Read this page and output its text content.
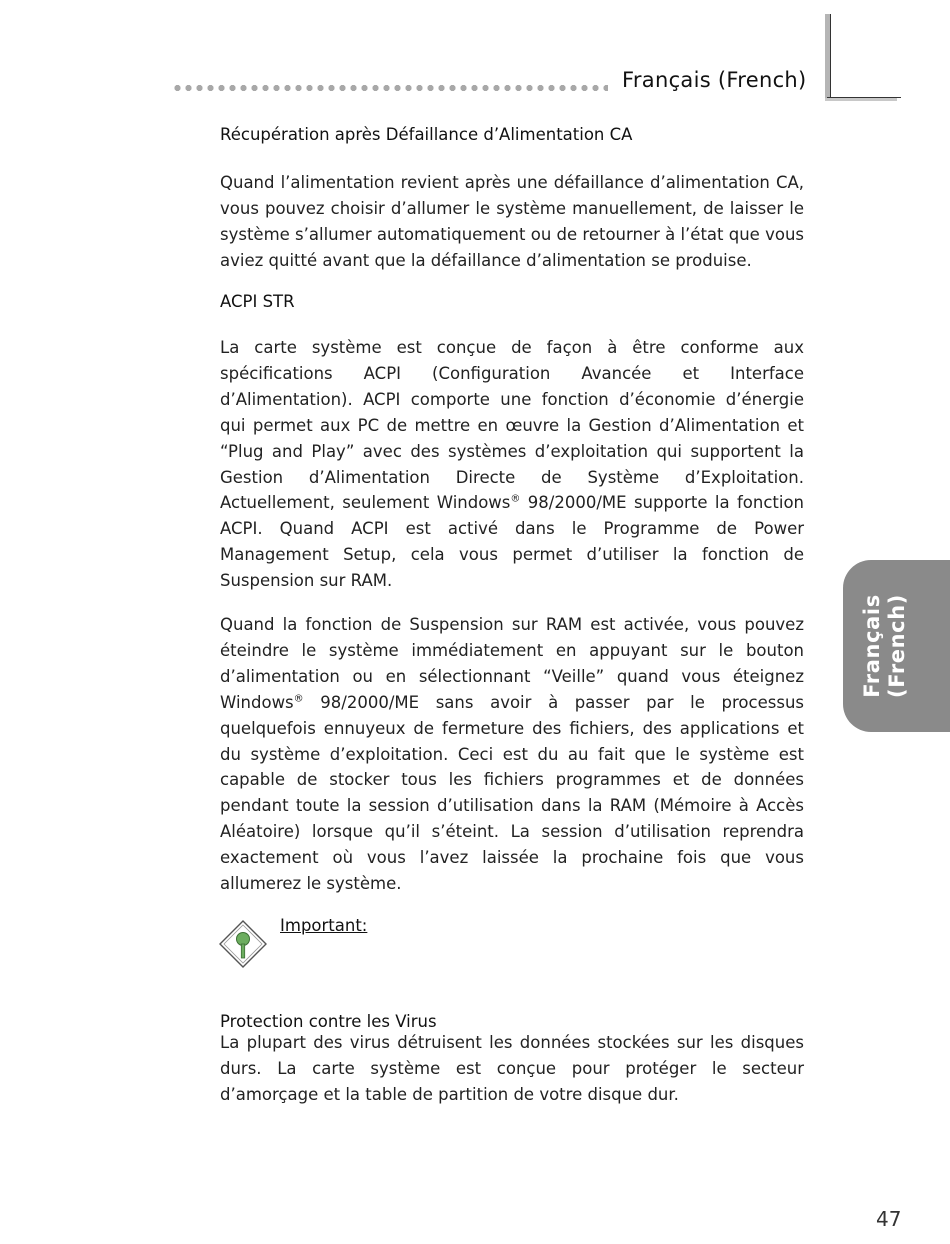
Français (French)
Français (French)
Récupération après Défaillance d’Alimentation CA

Quand l’alimentation revient après une défaillance d’alimentation CA, vous pouvez choisir d’allumer le système manuellement, de laisser le système s’allumer automatiquement ou de retourner à l’état que vous aviez quitté avant que la défaillance d’alimentation se produise.

ACPI STR

La carte système est conçue de façon à être conforme aux spécifications ACPI (Configuration Avancée et Interface d’Alimentation). ACPI comporte une fonction d’économie d’énergie qui permet aux PC de mettre en œuvre la Gestion d’Alimentation et “Plug and Play” avec des systèmes d’exploitation qui supportent la Gestion d’Alimentation Directe de Système d’Exploitation. Actuellement, seulement Windows® 98/2000/ME supporte la fonction ACPI. Quand ACPI est activé dans le Programme de Power Management Setup, cela vous permet d’utiliser la fonction de Suspension sur RAM.

Quand la fonction de Suspension sur RAM est activée, vous pouvez éteindre le système immédiatement en appuyant sur le bouton d’alimentation ou en sélectionnant “Veille” quand vous éteignez Windows® 98/2000/ME sans avoir à passer par le processus quelquefois ennuyeux de fermeture des fichiers, des applications et du système d’exploitation. Ceci est du au fait que le système est capable de stocker tous les fichiers programmes et de données pendant toute la session d’utilisation dans la RAM (Mémoire à Accès Aléatoire) lorsque qu’il s’éteint. La session d’utilisation reprendra exactement où vous l’avez laissée la prochaine fois que vous allumerez le système.

Protection contre les Virus

La plupart des virus détruisent les données stockées sur les disques durs. La carte système est conçue pour protéger le secteur d’amorçage et la table de partition de votre disque dur.

Important:
47
